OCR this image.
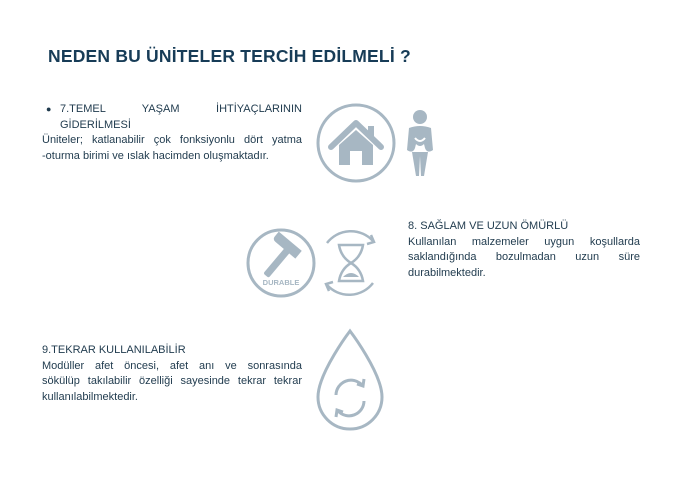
NEDEN BU ÜNİTELER TERCİH EDİLMELİ ?
● 7.TEMEL YAŞAM İHTİYAÇLARININ
GİDERİLMESİ
Üniteler; katlanabilir çok fonksiyonlu dört yatma
-oturma birimi ve ıslak hacimden oluşmaktadır.
8. SAĞLAM VE UZUN ÖMÜRLÜ
Kullanılan malzemeler uygun koşullarda
saklandığında bozulmadan uzun süre
durabilmektedir.
9.TEKRAR KULLANILABİLİR
Modüller afet öncesi, afet anı ve sonrasında
sökülüp takılabilir özelliği sayesinde tekrar tekrar
kullanılabilmektedir.
DURABLE
